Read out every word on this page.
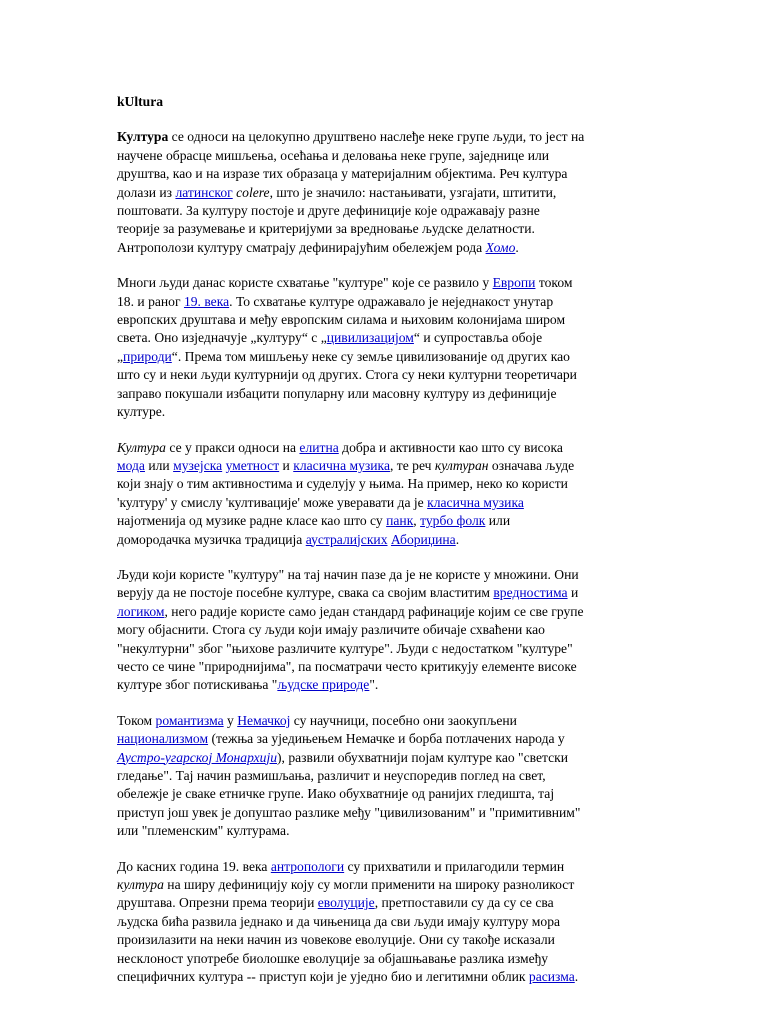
kUltura
Култура се односи на целокупно друштвено наслеђе неке групе људи, то јест на
научене обрасце мишљења, осећања и деловања неке групе, заједнице или
друштва, као и на изразе тих образаца у материјалним објектима. Реч култура
долази из латинског colere, што је значило: настањивати, узгајати, штитити,
поштовати. За културу постоје и друге дефиниције које одражавају разне
теорије за разумевање и критеријуми за вредновање људске делатности.
Антрополози културу сматрају дефинирајућим обележјем рода Хомо.
Многи људи данас користе схватање "културе" које се развило у Европи током
18. и раног 19. века. То схватање културе одражавало је неједнакост унутар
европских друштава и међу европским силама и њиховим колонијама широм
света. Оно изједначује „културу“ с „цивилизацијом“ и супроставља обоје
„природи“. Према том мишљењу неке су земље цивилизованије од других као
што су и неки људи културнији од других. Стога су неки културни теоретичари
заправо покушали избацити популарну или масовну културу из дефиниције
културе.
Култура се у пракси односи на елитна добра и активности као што су висока
мода или музејска уметност и класична музика, те реч културан означава људе
који знају о тим активностима и суделују у њима. На пример, неко ко користи
'културу' у смислу 'култивације' може уверавати да је класична музика
најотменија од музике радне класе као што су панк, турбо фолк или
домородачка музичка традиција аустралијских Абориџина.
Људи који користе "културу" на тај начин пазе да је не користе у множини. Они
верују да не постоје посебне културе, свака са својим властитим вредностима и
логиком, него радије користе само један стандард рафинације којим се све групе
могу објаснити. Стога су људи који имају различите обичаје схваћени као
"некултурни" због "њихове различите културе". Људи с недостатком "културе"
често се чине "природнијима", па посматрачи често критикују елементе високе
културе због потискивања "људске природе".
Током романтизма у Немачкој су научници, посебно они заокупљени
национализмом (тежња за уједињењем Немачке и борба потлачених народа у
Аустро-угарској Монархији), развили обухватнији појам културе као "светски
гледање". Тај начин размишљања, различит и неуспоредив поглед на свет,
обележје је сваке етничке групе. Иако обухватније од ранијих гледишта, тај
приступ још увек је допуштао разлике међу "цивилизованим" и "примитивним"
или "племенским" културама.
До касних година 19. века антропологи су прихватили и прилагодили термин
култура на ширу дефиницију коју су могли применити на широку разноликост
друштава. Опрезни према теорији еволуције, претпоставили су да су се сва
људска бића развила једнако и да чињеница да сви људи имају културу мора
произилазити на неки начин из човекове еволуције. Они су такође исказали
несклоност употребе биолошке еволуције за објашњавање разлика између
специфичних култура -- приступ који је уједно био и легитимни облик расизма.
